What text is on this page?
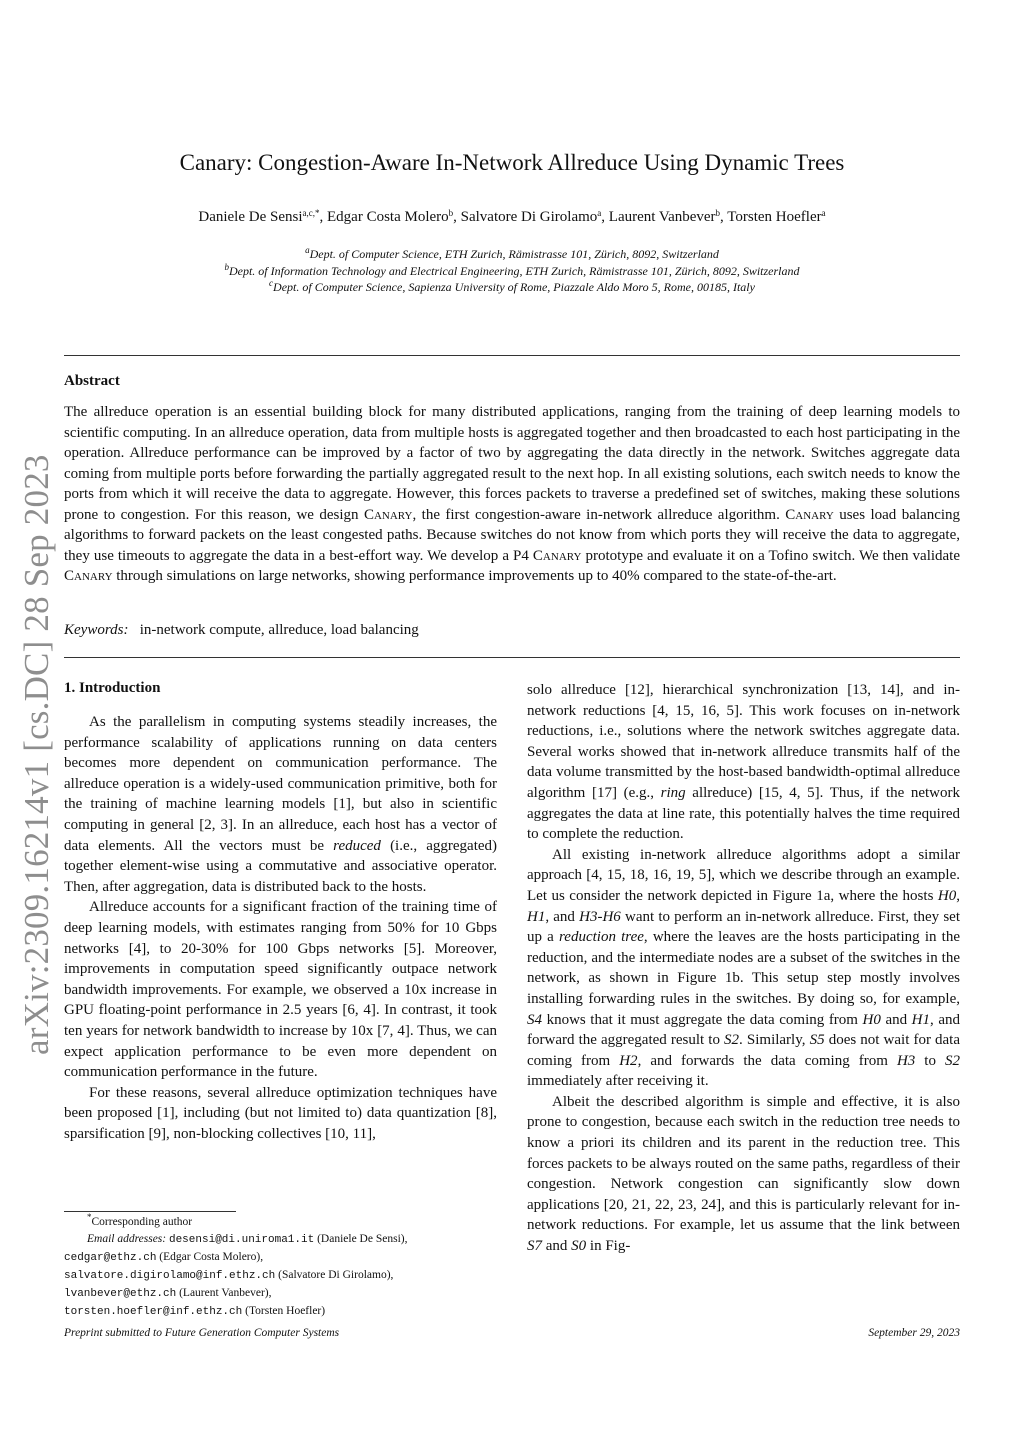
arXiv:2309.16214v1 [cs.DC] 28 Sep 2023
Canary: Congestion-Aware In-Network Allreduce Using Dynamic Trees
Daniele De Sensi$^{a,c,*}$, Edgar Costa Molero$^b$, Salvatore Di Girolamo$^a$, Laurent Vanbever$^b$, Torsten Hoefler$^a$
$^a$Dept. of Computer Science, ETH Zurich, Rämistrasse 101, Zürich, 8092, Switzerland
$^b$Dept. of Information Technology and Electrical Engineering, ETH Zurich, Rämistrasse 101, Zürich, 8092, Switzerland
$^c$Dept. of Computer Science, Sapienza University of Rome, Piazzale Aldo Moro 5, Rome, 00185, Italy
Abstract
The allreduce operation is an essential building block for many distributed applications, ranging from the training of deep learning models to scientific computing. In an allreduce operation, data from multiple hosts is aggregated together and then broadcasted to each host participating in the operation. Allreduce performance can be improved by a factor of two by aggregating the data directly in the network. Switches aggregate data coming from multiple ports before forwarding the partially aggregated result to the next hop. In all existing solutions, each switch needs to know the ports from which it will receive the data to aggregate. However, this forces packets to traverse a predefined set of switches, making these solutions prone to congestion. For this reason, we design Canary, the first congestion-aware in-network allreduce algorithm. Canary uses load balancing algorithms to forward packets on the least congested paths. Because switches do not know from which ports they will receive the data to aggregate, they use timeouts to aggregate the data in a best-effort way. We develop a P4 Canary prototype and evaluate it on a Tofino switch. We then validate Canary through simulations on large networks, showing performance improvements up to 40% compared to the state-of-the-art.
Keywords: in-network compute, allreduce, load balancing
1. Introduction

As the parallelism in computing systems steadily increases, the performance scalability of applications running on data centers becomes more dependent on communication performance. The allreduce operation is a widely-used communication primitive, both for the training of machine learning models [1], but also in scientific computing in general [2, 3]. In an allreduce, each host has a vector of data elements. All the vectors must be reduced (i.e., aggregated) together element-wise using a commutative and associative operator. Then, after aggregation, data is distributed back to the hosts.

Allreduce accounts for a significant fraction of the training time of deep learning models, with estimates ranging from 50% for 10 Gbps networks [4], to 20-30% for 100 Gbps networks [5]. Moreover, improvements in computation speed significantly outpace network bandwidth improvements. For example, we observed a 10x increase in GPU floating-point performance in 2.5 years [6, 4]. In contrast, it took ten years for network bandwidth to increase by 10x [7, 4]. Thus, we can expect application performance to be even more dependent on communication performance in the future.

For these reasons, several allreduce optimization techniques have been proposed [1], including (but not limited to) data quantization [8], sparsification [9], non-blocking collectives [10, 11],

solo allreduce [12], hierarchical synchronization [13, 14], and in-network reductions [4, 15, 16, 5]. This work focuses on in-network reductions, i.e., solutions where the network switches aggregate data. Several works showed that in-network allreduce transmits half of the data volume transmitted by the host-based bandwidth-optimal allreduce algorithm [17] (e.g., ring allreduce) [15, 4, 5]. Thus, if the network aggregates the data at line rate, this potentially halves the time required to complete the reduction.

All existing in-network allreduce algorithms adopt a similar approach [4, 15, 18, 16, 19, 5], which we describe through an example. Let us consider the network depicted in Figure 1a, where the hosts H0, H1, and H3-H6 want to perform an in-network allreduce. First, they set up a reduction tree, where the leaves are the hosts participating in the reduction, and the intermediate nodes are a subset of the switches in the network, as shown in Figure 1b. This setup step mostly involves installing forwarding rules in the switches. By doing so, for example, S4 knows that it must aggregate the data coming from H0 and H1, and forward the aggregated result to S2. Similarly, S5 does not wait for data coming from H2, and forwards the data coming from H3 to S2 immediately after receiving it.

Albeit the described algorithm is simple and effective, it is also prone to congestion, because each switch in the reduction tree needs to know a priori its children and its parent in the reduction tree. This forces packets to be always routed on the same paths, regardless of their congestion. Network congestion can significantly slow down applications [20, 21, 22, 23, 24], and this is particularly relevant for in-network reductions. For example, let us assume that the link between S7 and S0 in Fig-

*Corresponding author
Email addresses: desensi@di.uniroma1.it (Daniele De Sensi),
cedgar@ethz.ch (Edgar Costa Molero),
salvatore.digirolamo@inf.ethz.ch (Salvatore Di Girolamo),
lvanbever@ethz.ch (Laurent Vanbever),
torsten.hoefler@inf.ethz.ch (Torsten Hoefler)
Preprint submitted to Future Generation Computer Systems	September 29, 2023
